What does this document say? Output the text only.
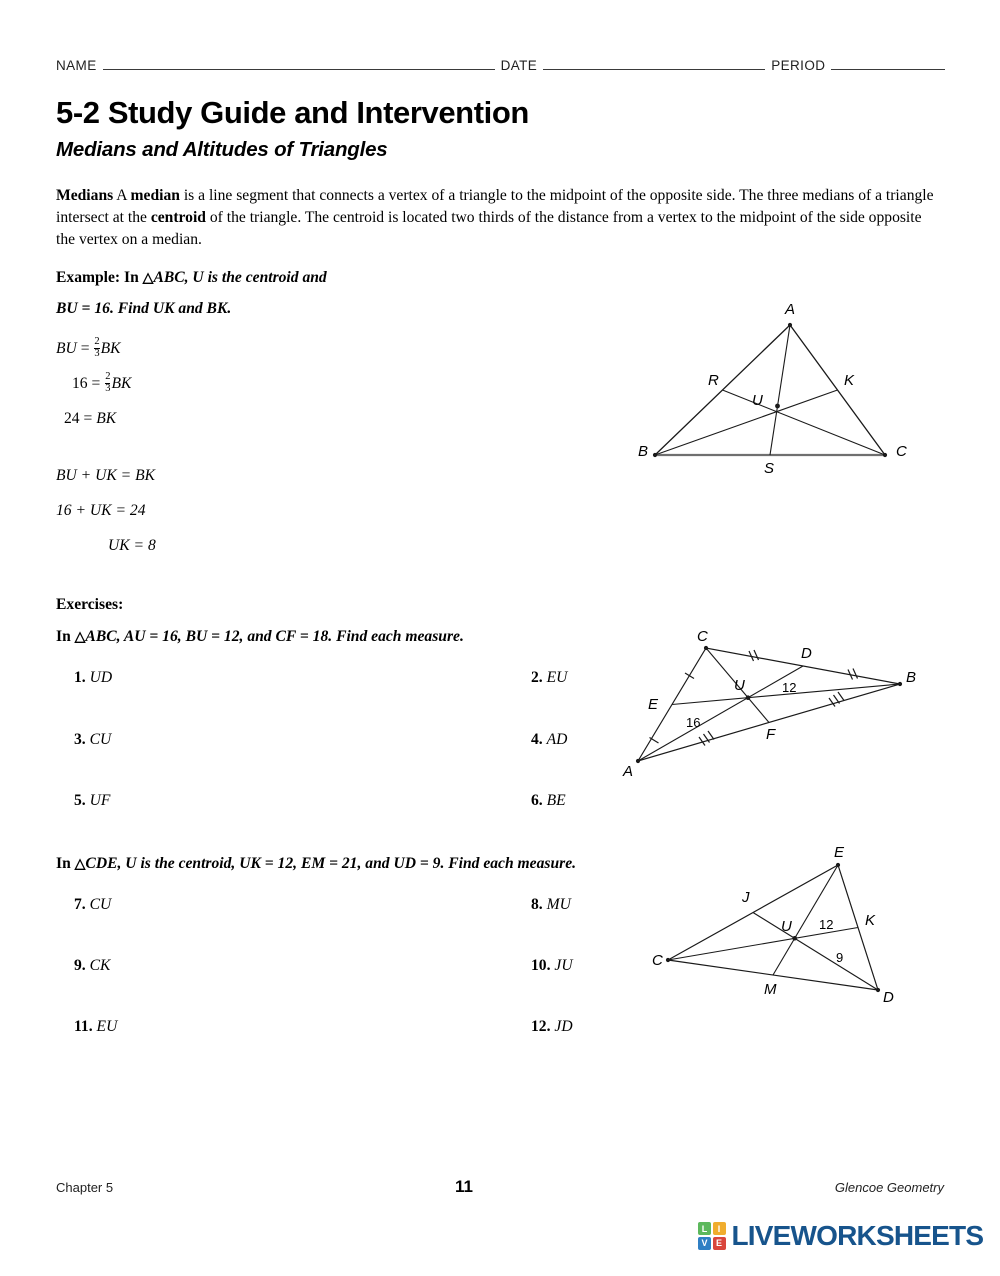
NAME	DATE	PERIOD
5-2 Study Guide and Intervention
Medians and Altitudes of Triangles
Medians A median is a line segment that connects a vertex of a triangle to the midpoint of the opposite side. The three medians of a triangle intersect at the centroid of the triangle. The centroid is located two thirds of the distance from a vertex to the midpoint of the side opposite the vertex on a median.
Example: In △ABC, U is the centroid and
BU = 16. Find UK and BK.
BU = $\frac{2}{3}$ BK
$16 = \frac{2}{3}$ BK
24 = BK
BU + UK = BK
16 + UK = 24
UK = 8
A
B	C
R	K
S
U
Exercises:
In △ABC, AU = 16, BU = 12, and CF = 18. Find each measure.
1. UD	2. EU
3. CU	4. AD
5. UF	6. BE
A
C
B
E
D
F
U
16
12
In △CDE, U is the centroid, UK = 12, EM = 21, and UD = 9. Find each measure.
7. CU	8. MU
9. CK	10. JU
11. EU	12. JD
C
E
D
J
K
M
U 12
9
Chapter 5	11	Glencoe Geometry
L	I
V E LIVEWORKSHEETS
